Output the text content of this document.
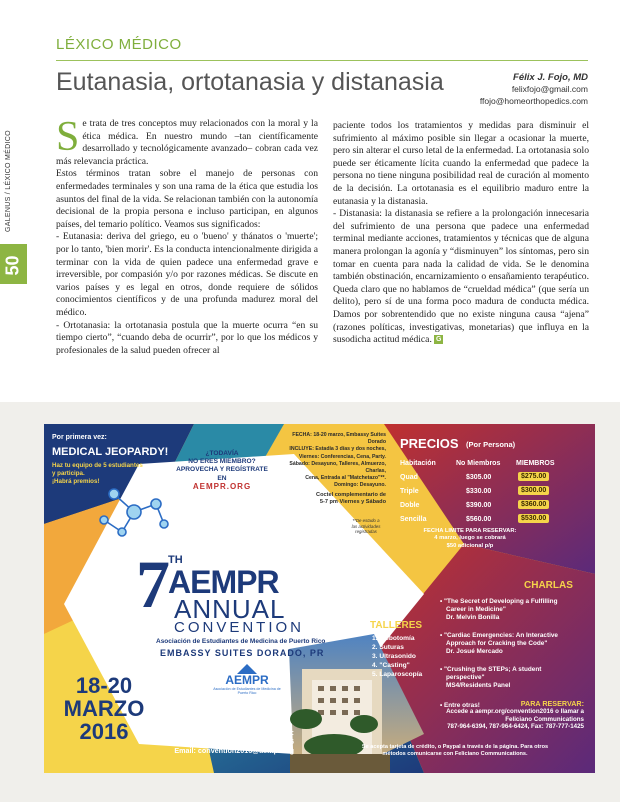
GALENUS / LÉXICO MÉDICO
50
LÉXICO MÉDICO
Eutanasia, ortotanasia y distanasia	Félix J. Fojo, MD
felixfojo@gmail.com
ffojo@homeorthopedics.com

Se trata de tres conceptos muy relacionados con la moral y la ética médica. En nuestro mundo –tan científicamente desarrollado y tecnológicamente avanzado– cobran cada vez más relevancia práctica.

Estos términos tratan sobre el manejo de personas con enfermedades terminales y son una rama de la ética que estudia los asuntos del final de la vida. Se relacionan también con la autonomía decisional de la propia persona e incluso participan, en algunos países, del temario político. Veamos sus significados:

- Eutanasia: deriva del griego, eu o 'bueno' y thánatos o 'muerte'; por lo tanto, 'bien morir'. Es la conducta intencionalmente dirigida a terminar con la vida de quien padece una enfermedad grave e irreversible, por compasión y/o por razones médicas. Se discute en varios países y es legal en otros, donde requiere de sólidos conocimientos científicos y de una profunda madurez moral del médico.

- Ortotanasia: la ortotanasia postula que la muerte ocurra “en su tiempo cierto”, “cuando deba de ocurrir”, por lo que los médicos y profesionales de la salud pueden ofrecer al

paciente todos los tratamientos y medidas para disminuir el sufrimiento al máximo posible sin llegar a ocasionar la muerte, pero sin alterar el curso letal de la enfermedad. La ortotanasia solo puede ser éticamente lícita cuando la enfermedad que padece la persona no tiene ninguna posibilidad real de curación al momento de la decisión. La ortotanasia es el equilibrio maduro entre la eutanasia y la distanasia.

- Distanasia: la distanasia se refiere a la prolongación innecesaria del sufrimiento de una persona que padece una enfermedad terminal mediante acciones, tratamientos y técnicas que de alguna manera prolongan la agonía y “disminuyen” los síntomas, pero sin tomar en cuenta para nada la calidad de vida. Se le denomina también obstinación, encarnizamiento o ensañamiento terapéutico. Queda claro que no hablamos de “crueldad médica” (que sería un delito), pero sí de una forma poco madura de conducta médica. Damos por sobrentendido que no existe ninguna causa “ajena” (razones políticas, investigativas, monetarias) que influya en la susodicha actitud médica. G

Por primera vez:
MEDICAL JEOPARDY!
Haz tu equipo de 5 estudiantes
y participa.
¡Habrá premios!
¿TODAVÍA
NO ERES MIEMBRO?
APROVECHA Y REGÍSTRATE EN
AEMPR.ORG
FECHA: 18-20 marzo, Embassy Suites Dorado
INCLUYE: Estadía 3 días y dos noches,
Viernes: Conferencias, Cena, Party.
Sábado: Desayuno, Talleres, Almuerzo, Charlas,
Cena, Entrada al "Matchetazo"**.
Domingo: Desayuno.
Coctel complementario de
5-7 pm Viernes y Sábado
**De estado a
las actividades
registradas
7
TH
AEMPR
ANNUAL
CONVENTION
Asociación de Estudiantes de Medicina de Puerto Rico
EMBASSY SUITES DORADO, PR
AEMPR
Asociación de Estudiantes de Medicina de Puerto Rico
18-20
MARZO
2016
PRECIOS (Por Persona)
Habitación	No Miembros MIEMBROS
Quad	$305.00	$275.00
Triple	$330.00	$300.00
Doble	$390.00	$360.00
Sencilla	$560.00	$530.00
FECHA LIMITE PARA RESERVAR:
4 marzo, luego se cobrará
$50 adicional p/p
CHARLAS
• "The Secret of Developing a Fulfilling
Career in Medicine"
Dr. Melvin Bonilla
• "Cardiac Emergencies: An Interactive
Approach for Cracking the Code"
Dr. Josué Mercado
• "Crushing the STEPs; A student
perspective"
MS4/Residents Panel
• Entre otras!
TALLERES
1. Flebotomía
2. Suturas
3. Ultrasonido
4. "Casting"
5. Laparoscopía
MAS INFO:
aempr.org/convention2016
Email: convention2016@aempr.org
PARA RESERVAR:
Accede a aempr.org/convention2016 o llamar a
Feliciano Communications
787-964-6394, 787-964-6424, Fax: 787-777-1425
Se acepta tarjeta de crédito, o Paypal a través de la página. Para otros
métodos comunicarse con Feliciano Communications.
